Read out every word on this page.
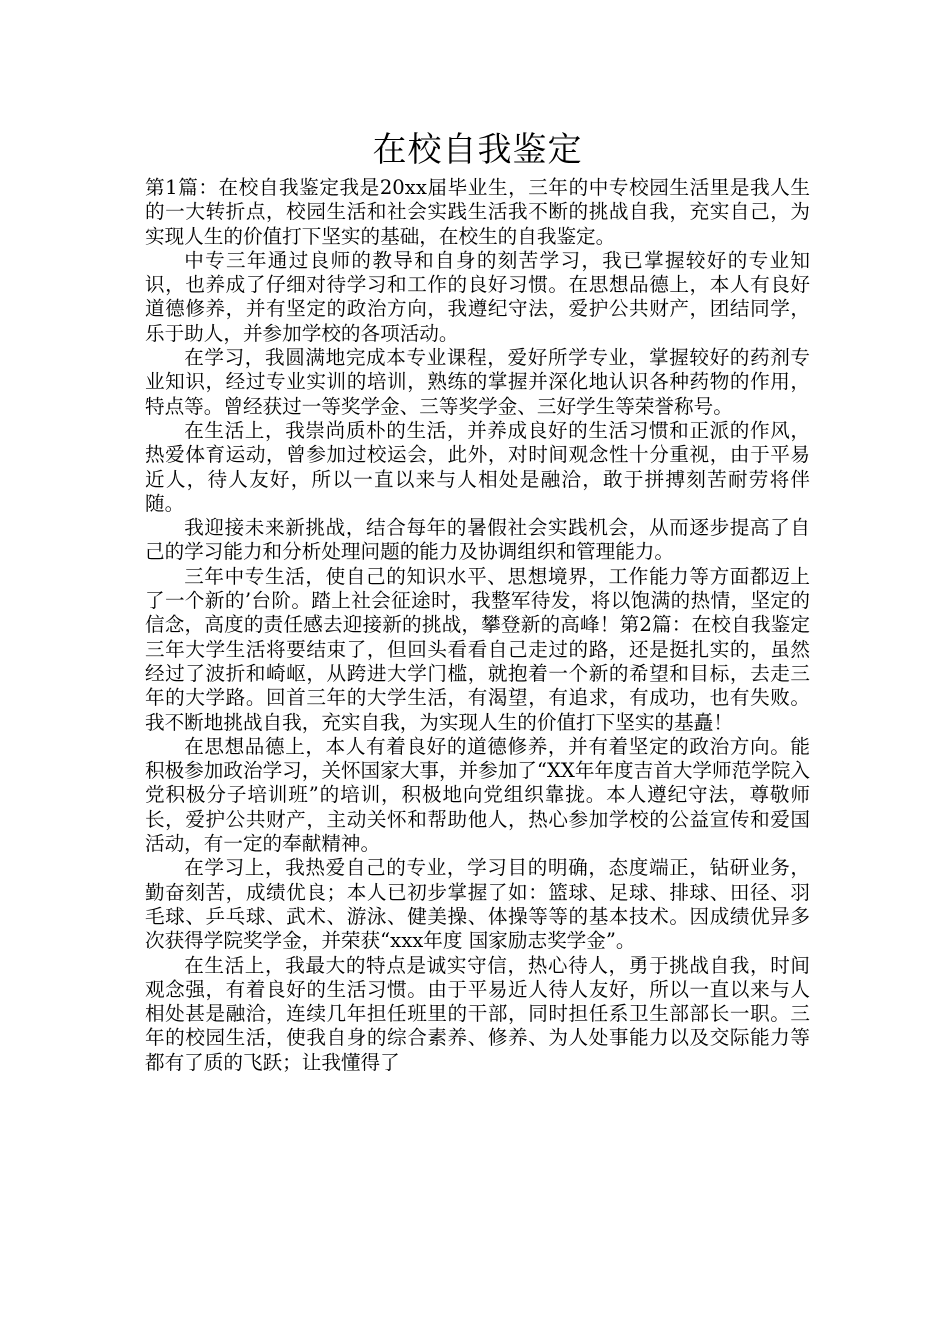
在校自我鉴定

第1篇：在校自我鉴定我是20xx届毕业生，三年的中专校园生活里是我人生的一大转折点，校园生活和社会实践生活我不断的挑战自我，充实自己，为实现人生的价值打下坚实的基础，在校生的自我鉴定。

中专三年通过良师的教导和自身的刻苦学习，我已掌握较好的专业知识，也养成了仔细对待学习和工作的良好习惯。在思想品德上，本人有良好道德修养，并有坚定的政治方向，我遵纪守法，爱护公共财产，团结同学，乐于助人，并参加学校的各项活动。

在学习，我圆满地完成本专业课程，爱好所学专业，掌握较好的药剂专业知识，经过专业实训的培训，熟练的掌握并深化地认识各种药物的作用，特点等。曾经获过一等奖学金、三等奖学金、三好学生等荣誉称号。

在生活上，我崇尚质朴的生活，并养成良好的生活习惯和正派的作风，热爱体育运动，曾参加过校运会，此外，对时间观念性十分重视，由于平易近人，待人友好，所以一直以来与人相处是融洽，敢于拼搏刻苦耐劳将伴随。

我迎接未来新挑战，结合每年的暑假社会实践机会，从而逐步提高了自己的学习能力和分析处理问题的能力及协调组织和管理能力。

三年中专生活，使自己的知识水平、思想境界，工作能力等方面都迈上了一个新的’台阶。踏上社会征途时，我整军待发，将以饱满的热情，坚定的信念，高度的责任感去迎接新的挑战，攀登新的高峰！第2篇：在校自我鉴定三年大学生活将要结束了，但回头看看自己走过的路，还是挺扎实的，虽然经过了波折和崎岖，从跨进大学门槛，就抱着一个新的希望和目标，去走三年的大学路。回首三年的大学生活，有渴望，有追求，有成功，也有失败。我不断地挑战自我，充实自我，为实现人生的价值打下坚实的基矗！

在思想品德上，本人有着良好的道德修养，并有着坚定的政治方向。能积极参加政治学习，关怀国家大事，并参加了“XX年年度吉首大学师范学院入党积极分子培训班”的培训，积极地向党组织靠拢。本人遵纪守法，尊敬师长，爱护公共财产，主动关怀和帮助他人，热心参加学校的公益宣传和爱国活动，有一定的奉献精神。

在学习上，我热爱自己的专业，学习目的明确，态度端正，钻研业务，勤奋刻苦，成绩优良；本人已初步掌握了如：篮球、足球、排球、田径、羽毛球、乒乓球、武术、游泳、健美操、体操等等的基本技术。因成绩优异多次获得学院奖学金，并荣获“xxx年度 国家励志奖学金”。

在生活上，我最大的特点是诚实守信，热心待人，勇于挑战自我，时间观念强，有着良好的生活习惯。由于平易近人待人友好，所以一直以来与人相处甚是融洽，连续几年担任班里的干部，同时担任系卫生部部长一职。三年的校园生活，使我自身的综合素养、修养、为人处事能力以及交际能力等都有了质的飞跃；让我懂得了
